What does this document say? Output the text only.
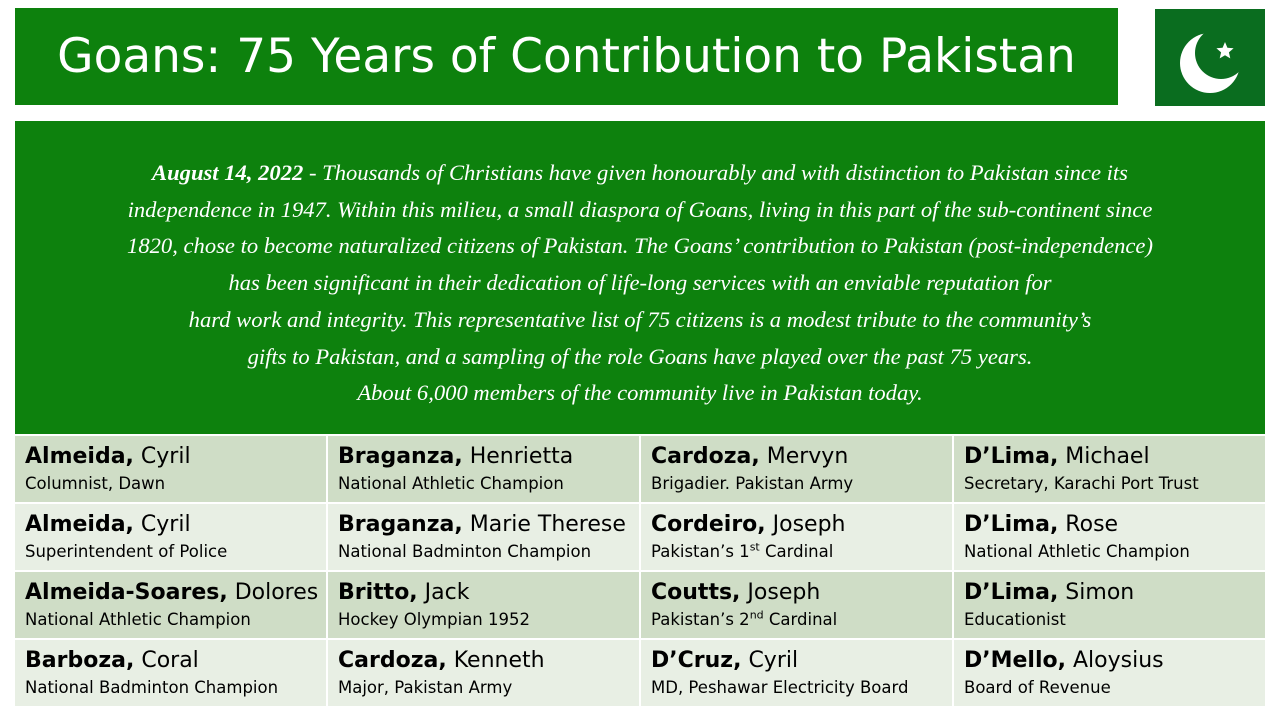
Goans: 75 Years of Contribution to Pakistan
August 14, 2022 - Thousands of Christians have given honourably and with distinction to Pakistan since its
independence in 1947. Within this milieu, a small diaspora of Goans, living in this part of the sub-continent since
1820, chose to become naturalized citizens of Pakistan. The Goans’ contribution to Pakistan (post-independence)
has been significant in their dedication of life-long services with an enviable reputation for
hard work and integrity. This representative list of 75 citizens is a modest tribute to the community’s
gifts to Pakistan, and a sampling of the role Goans have played over the past 75 years.
About 6,000 members of the community live in Pakistan today.
Almeida, Cyril
Columnist, Dawn
Braganza, Henrietta
National Athletic Champion
Cardoza, Mervyn
Brigadier. Pakistan Army
D’Lima, Michael
Secretary, Karachi Port Trust
Almeida, Cyril
Superintendent of Police
Braganza, Marie Therese
National Badminton Champion
Cordeiro, Joseph
Pakistan’s 1st Cardinal
D’Lima, Rose
National Athletic Champion
Almeida-Soares, Dolores
National Athletic Champion
Britto, Jack
Hockey Olympian 1952
Coutts, Joseph
Pakistan’s 2nd Cardinal
D’Lima, Simon
Educationist
Barboza, Coral
National Badminton Champion
Cardoza, Kenneth
Major, Pakistan Army
D’Cruz, Cyril
MD, Peshawar Electricity Board
D’Mello, Aloysius
Board of Revenue
